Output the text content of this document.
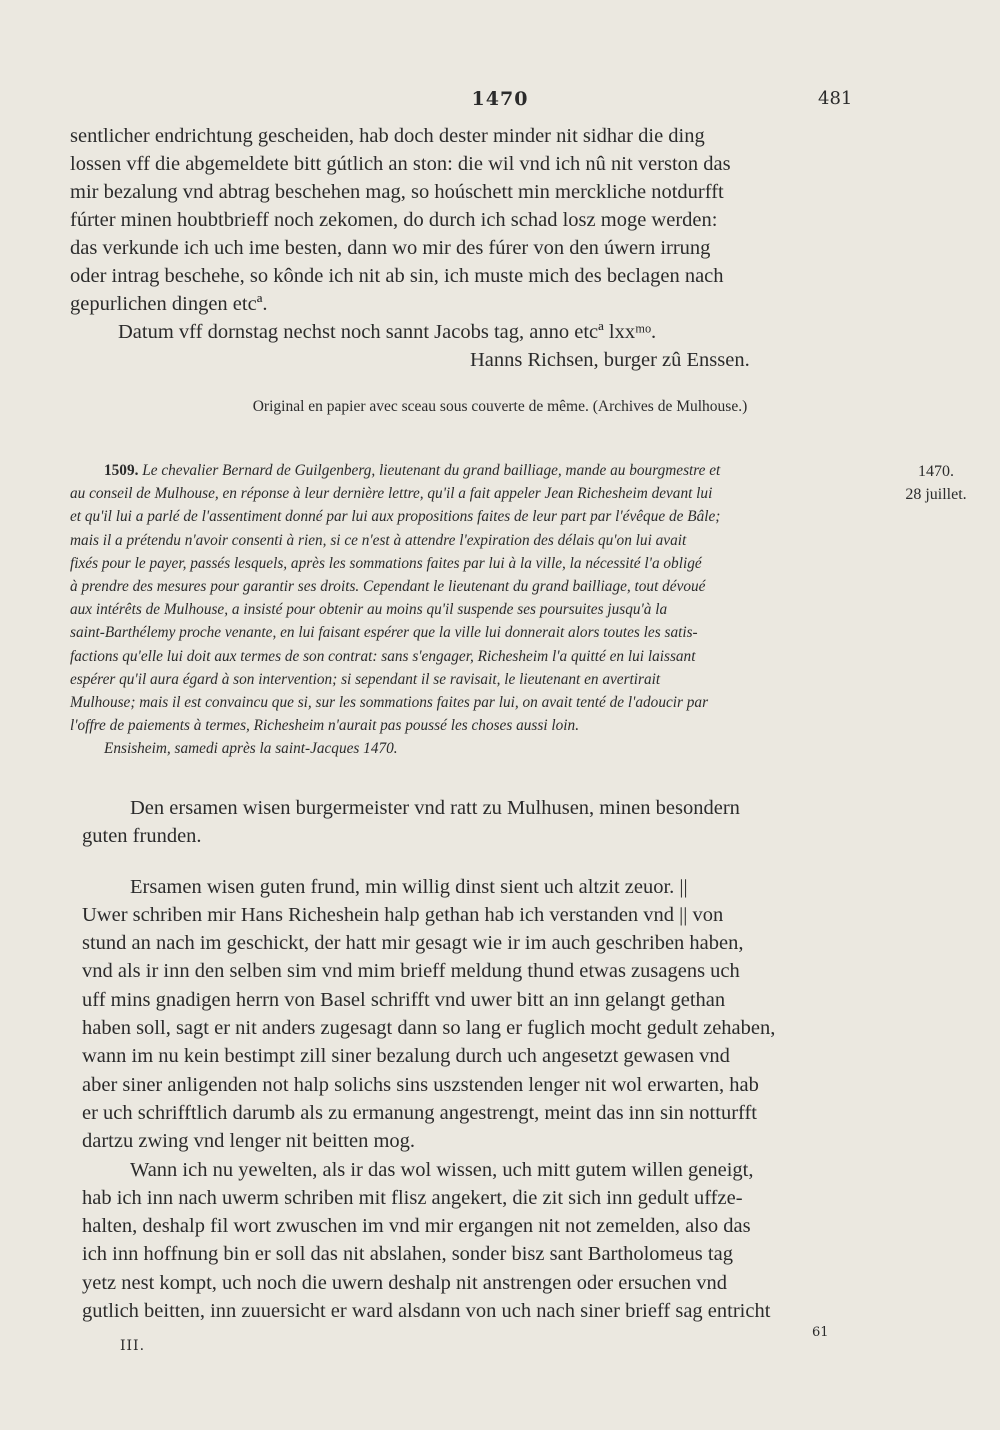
1470	481
sentlicher endrichtung gescheiden, hab doch dester minder nit sidhar die ding
lossen vff die abgemeldete bitt gútlich an ston: die wil vnd ich nû nit verston das
mir bezalung vnd abtrag beschehen mag, so hoúschett min merckliche notdurfft
fúrter minen houbtbrieff noch zekomen, do durch ich schad losz moge werden:
das verkunde ich uch ime besten, dann wo mir des fúrer von den úwern irrung
oder intrag beschehe, so kônde ich nit ab sin, ich muste mich des beclagen nach
gepurlichen dingen etcª.
Datum vff dornstag nechst noch sannt Jacobs tag, anno etcª lxxᵐᵒ.
Hanns Richsen, burger zû Enssen.
Original en papier avec sceau sous couverte de même. (Archives de Mulhouse.)
1509. Le chevalier Bernard de Guilgenberg, lieutenant du grand bailliage, mande au bourgmestre et
au conseil de Mulhouse, en réponse à leur dernière lettre, qu'il a fait appeler Jean Richesheim devant lui
et qu'il lui a parlé de l'assentiment donné par lui aux propositions faites de leur part par l'évêque de Bâle;
mais il a prétendu n'avoir consenti à rien, si ce n'est à attendre l'expiration des délais qu'on lui avait
fixés pour le payer, passés lesquels, après les sommations faites par lui à la ville, la nécessité l'a obligé
à prendre des mesures pour garantir ses droits. Cependant le lieutenant du grand bailliage, tout dévoué
aux intérêts de Mulhouse, a insisté pour obtenir au moins qu'il suspende ses poursuites jusqu'à la
saint-Barthélemy proche venante, en lui faisant espérer que la ville lui donnerait alors toutes les satis-
factions qu'elle lui doit aux termes de son contrat: sans s'engager, Richesheim l'a quitté en lui laissant
espérer qu'il aura égard à son intervention; si sependant il se ravisait, le lieutenant en avertirait
Mulhouse; mais il est convaincu que si, sur les sommations faites par lui, on avait tenté de l'adoucir par
l'offre de paiements à termes, Richesheim n'aurait pas poussé les choses aussi loin.
Ensisheim, samedi après la saint-Jacques 1470.
1470.
28 juillet.
Den ersamen wisen burgermeister vnd ratt zu Mulhusen, minen besondern
guten frunden.
Ersamen wisen guten frund, min willig dinst sient uch altzit zeuor. ||
Uwer schriben mir Hans Richeshein halp gethan hab ich verstanden vnd || von
stund an nach im geschickt, der hatt mir gesagt wie ir im auch geschriben haben,
vnd als ir inn den selben sim vnd mim brieff meldung thund etwas zusagens uch
uff mins gnadigen herrn von Basel schrifft vnd uwer bitt an inn gelangt gethan
haben soll, sagt er nit anders zugesagt dann so lang er fuglich mocht gedult zehaben,
wann im nu kein bestimpt zill siner bezalung durch uch angesetzt gewasen vnd
aber siner anligenden not halp solichs sins uszstenden lenger nit wol erwarten, hab
er uch schrifftlich darumb als zu ermanung angestrengt, meint das inn sin notturfft
dartzu zwing vnd lenger nit beitten mog.
Wann ich nu yewelten, als ir das wol wissen, uch mitt gutem willen geneigt,
hab ich inn nach uwerm schriben mit flisz angekert, die zit sich inn gedult uffze-
halten, deshalp fil wort zwuschen im vnd mir ergangen nit not zemelden, also das
ich inn hoffnung bin er soll das nit abslahen, sonder bisz sant Bartholomeus tag
yetz nest kompt, uch noch die uwern deshalp nit anstrengen oder ersuchen vnd
gutlich beitten, inn zuuersicht er ward alsdann von uch nach siner brieff sag entricht
III.
61
